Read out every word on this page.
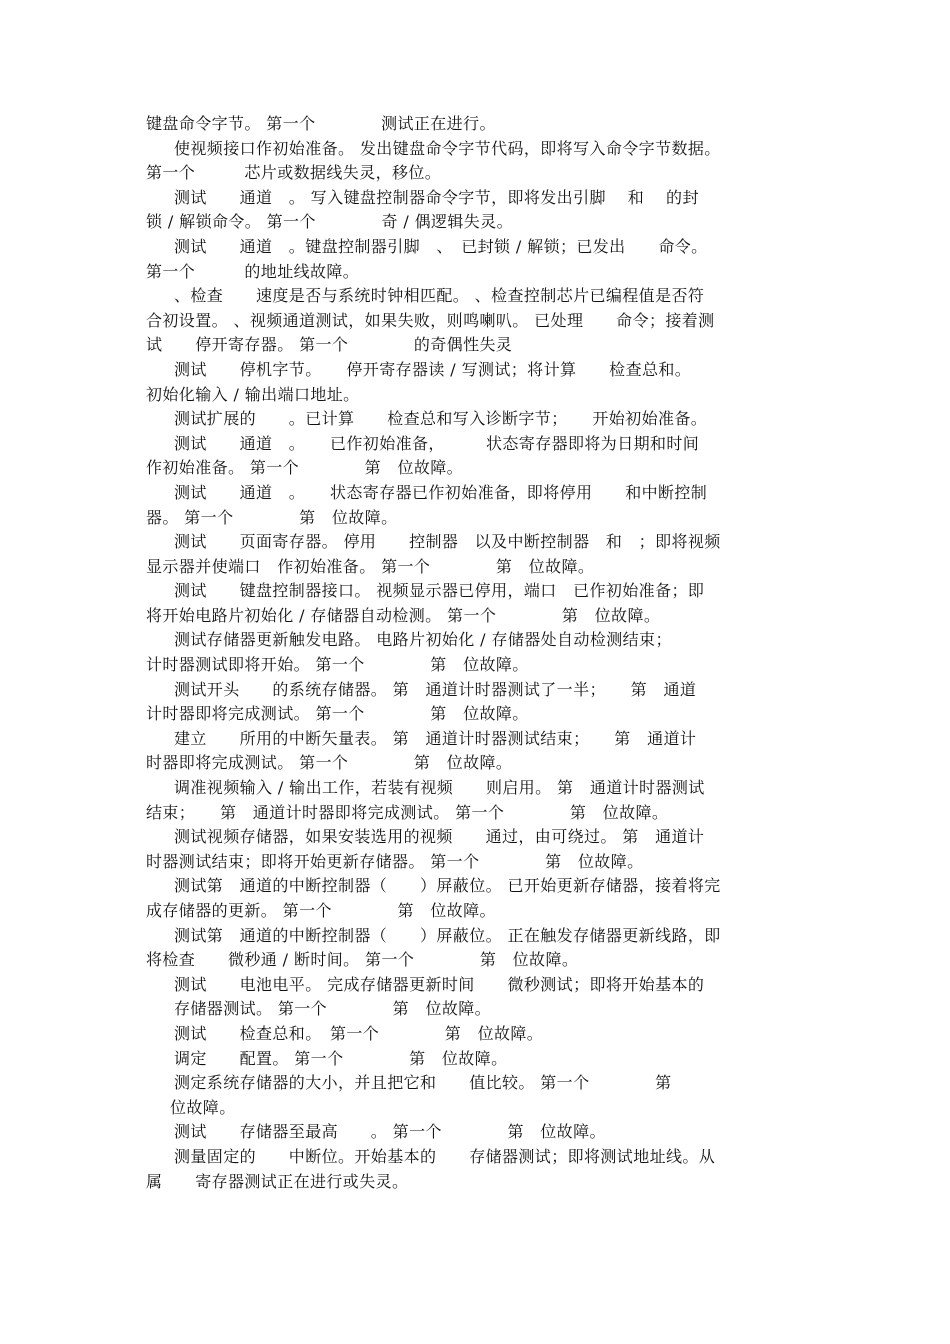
键盘命令字节。 第一个　　　　测试正在进行。
使视频接口作初始准备。 发出键盘命令字节代码，即将写入命令字节数据。
第一个　　　芯片或数据线失灵，移位。
测试　　通道　。 写入键盘控制器命令字节，即将发出引脚　 和　 的封
锁 / 解锁命令。 第一个　　　　奇 / 偶逻辑失灵。
测试　　通道　。键盘控制器引脚　、　已封锁 / 解锁；已发出　　命令。
第一个　　　的地址线故障。
、检查　　速度是否与系统时钟相匹配。 、检查控制芯片已编程值是否符
合初设置。 、视频通道测试，如果失败，则鸣喇叭。 已处理　　命令；接着测
试　　停开寄存器。 第一个　　　　的奇偶性失灵
测试　　停机字节。　　停开寄存器读 / 写测试；将计算　　检查总和。
初始化输入 / 输出端口地址。
测试扩展的　　。已计算　　检查总和写入诊断字节；　　开始初始准备。
测试　　通道　。　　已作初始准备，　　　状态寄存器即将为日期和时间
作初始准备。 第一个　　　　第　位故障。
测试　　通道　。　　状态寄存器已作初始准备，即将停用　　和中断控制
器。 第一个　　　　第　位故障。
测试　　页面寄存器。 停用　　控制器　以及中断控制器　和　；即将视频
显示器并使端口　作初始准备。 第一个　　　　第　位故障。
测试　　键盘控制器接口。 视频显示器已停用，端口　已作初始准备；即
将开始电路片初始化 / 存储器自动检测。 第一个　　　　第　位故障。
测试存储器更新触发电路。 电路片初始化 / 存储器处自动检测结束；
计时器测试即将开始。 第一个　　　　第　位故障。
测试开头　　的系统存储器。 第　通道计时器测试了一半；　　第　通道
计时器即将完成测试。 第一个　　　　第　位故障。
建立　　所用的中断矢量表。 第　通道计时器测试结束；　　第　通道计
时器即将完成测试。 第一个　　　　第　位故障。
调准视频输入 / 输出工作，若装有视频　　则启用。 第　通道计时器测试
结束；　　第　通道计时器即将完成测试。 第一个　　　　第　位故障。
测试视频存储器，如果安装选用的视频　　通过，由可绕过。 第　通道计
时器测试结束；即将开始更新存储器。 第一个　　　　第　位故障。
测试第　通道的中断控制器（　　）屏蔽位。 已开始更新存储器，接着将完
成存储器的更新。 第一个　　　　第　位故障。
测试第　通道的中断控制器（　　）屏蔽位。 正在触发存储器更新线路，即
将检查　　微秒通 / 断时间。 第一个　　　　第　位故障。
测试　　电池电平。 完成存储器更新时间　　微秒测试；即将开始基本的
存储器测试。 第一个　　　　第　位故障。
测试　　检查总和。　第一个　　　　第　位故障。
调定　　配置。 第一个　　　　第　位故障。
测定系统存储器的大小，并且把它和　　值比较。 第一个　　　　第
位故障。
测试　　存储器至最高　　。 第一个　　　　第　位故障。
测量固定的　　中断位。开始基本的　　存储器测试；即将测试地址线。从
属　　寄存器测试正在进行或失灵。
